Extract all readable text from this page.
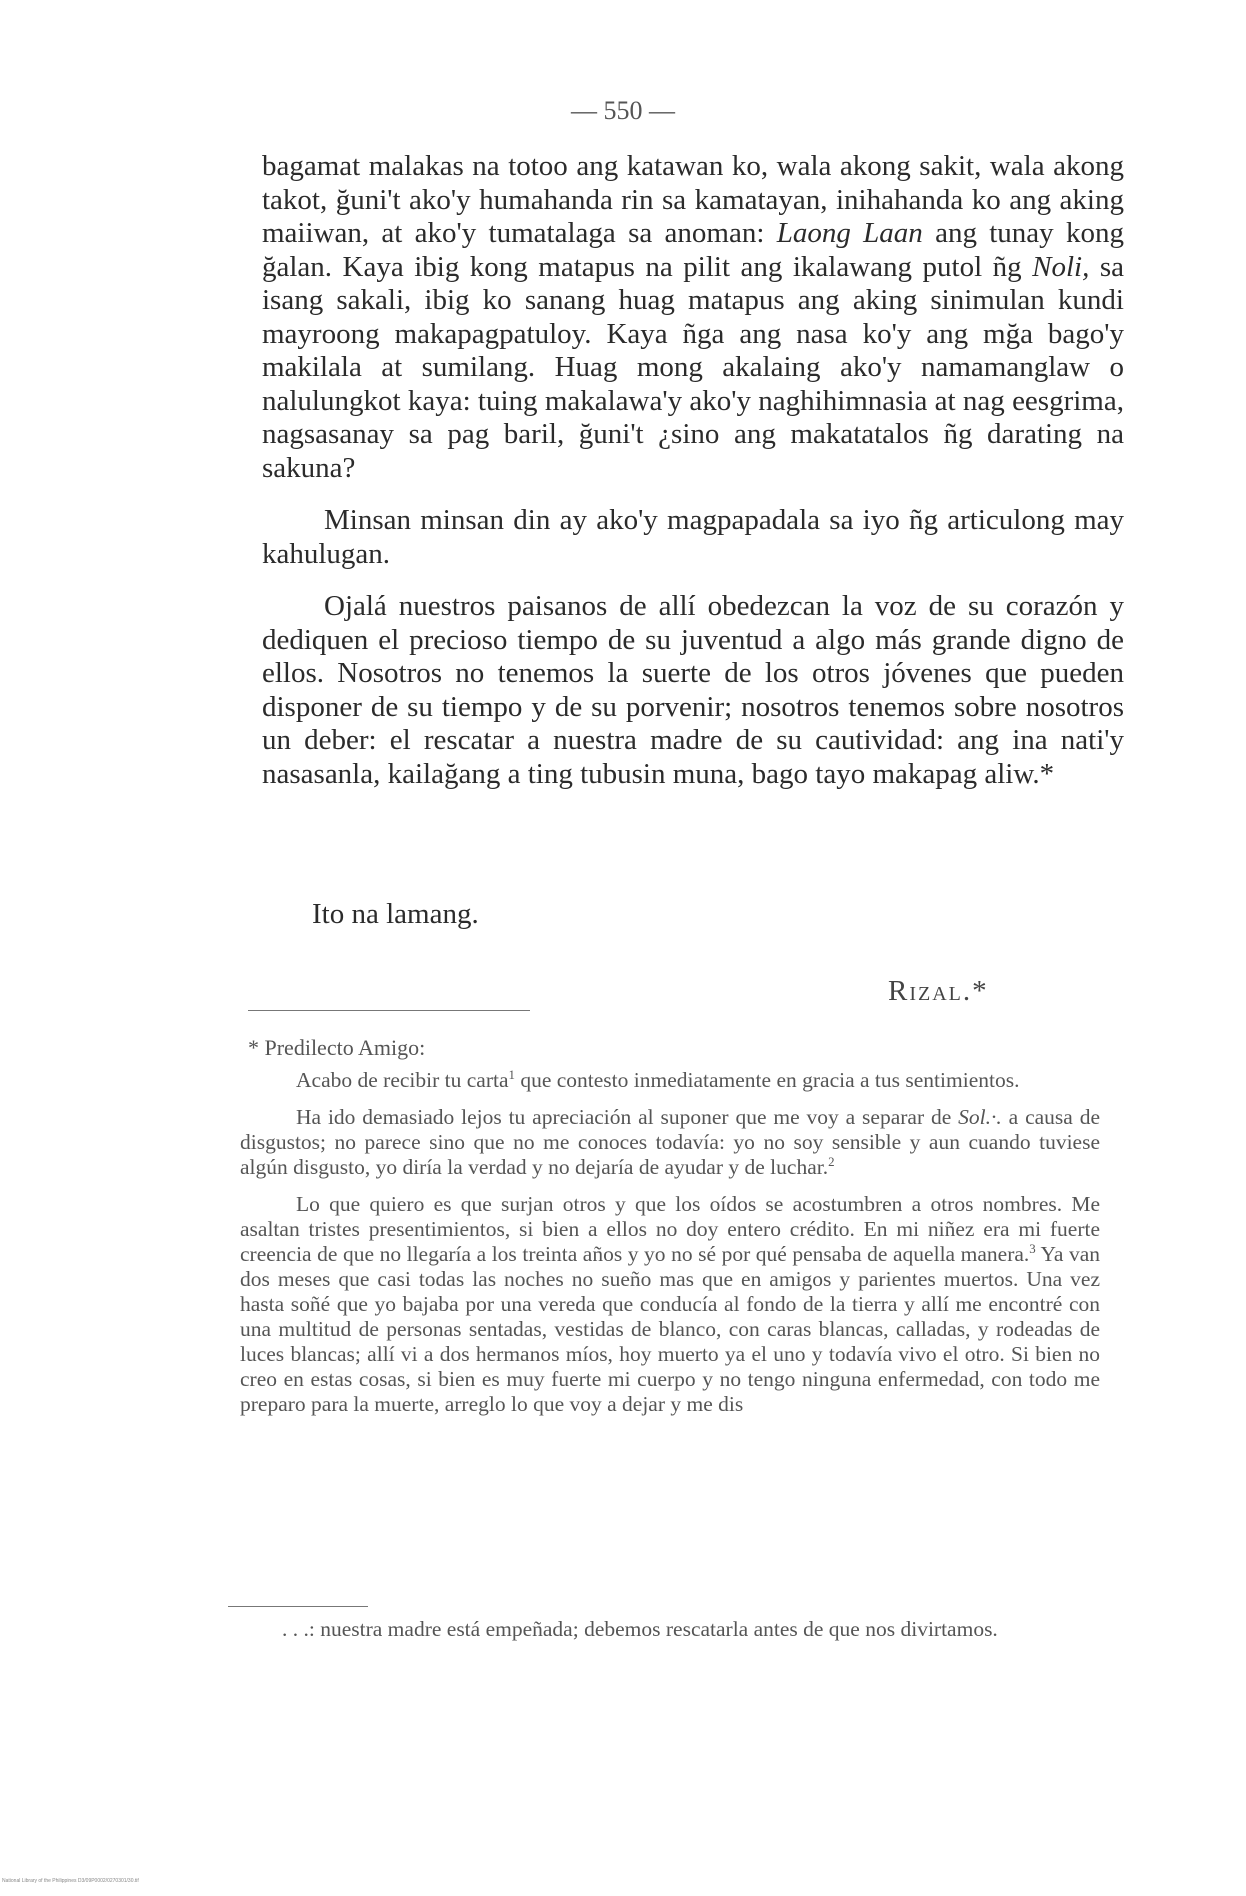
— 550 —

bagamat malakas na totoo ang katawan ko, wala akong sakit, wala akong takot, ğuni't ako'y humahanda rin sa kamatayan, inihahanda ko ang aking maiiwan, at ako'y tumatalaga sa anoman: Laong Laan ang tunay kong ğalan. Kaya ibig kong matapus na pilit ang ikalawang putol ñg Noli, sa isang sakali, ibig ko sanang huag matapus ang aking sinimulan kundi mayroong makapagpatuloy. Kaya ñga ang nasa ko'y ang mğa bago'y makilala at sumilang. Huag mong akalaing ako'y namamanglaw o nalulungkot kaya: tuing makalawa'y ako'y naghihimnasia at nag eesgrima, nagsasanay sa pag baril, ğuni't ¿sino ang makatatalos ñg darating na sakuna?

Minsan minsan din ay ako'y magpapadala sa iyo ñg articulong may kahulugan.

Ojalá nuestros paisanos de allí obedezcan la voz de su corazón y dediquen el precioso tiempo de su juventud a algo más grande digno de ellos. Nosotros no tenemos la suerte de los otros jóvenes que pueden disponer de su tiempo y de su porvenir; nosotros tenemos sobre nosotros un deber: el rescatar a nuestra madre de su cautividad: ang ina nati'y nasasanla, kailağang a ting tubusin muna, bago tayo makapag aliw.*

Ito na lamang.
Rizal.*

* Predilecto Amigo:

Acabo de recibir tu carta$^1$ que contesto inmediatamente en gracia a tus sentimientos.

Ha ido demasiado lejos tu apreciación al suponer que me voy a separar de Sol.·. a causa de disgustos; no parece sino que no me conoces todavía: yo no soy sensible y aun cuando tuviese algún disgusto, yo diría la verdad y no dejaría de ayudar y de luchar.$^2$

Lo que quiero es que surjan otros y que los oídos se acostumbren a otros nombres. Me asaltan tristes presentimientos, si bien a ellos no doy entero crédito. En mi niñez era mi fuerte creencia de que no llegaría a los treinta años y yo no sé por qué pensaba de aquella manera.$^3$ Ya van dos meses que casi todas las noches no sueño mas que en amigos y parientes muertos. Una vez hasta soñé que yo bajaba por una vereda que conducía al fondo de la tierra y allí me encontré con una multitud de personas sentadas, vestidas de blanco, con caras blancas, calladas, y rodeadas de luces blancas; allí vi a dos hermanos míos, hoy muerto ya el uno y todavía vivo el otro. Si bien no creo en estas cosas, si bien es muy fuerte mi cuerpo y no tengo ninguna enfermedad, con todo me preparo para la muerte, arreglo lo que voy a dejar y me dis

. . .: nuestra madre está empeñada; debemos rescatarla antes de que nos divirtamos.
National Library of the Philippines D3/09P0002/0270301/30.tif
